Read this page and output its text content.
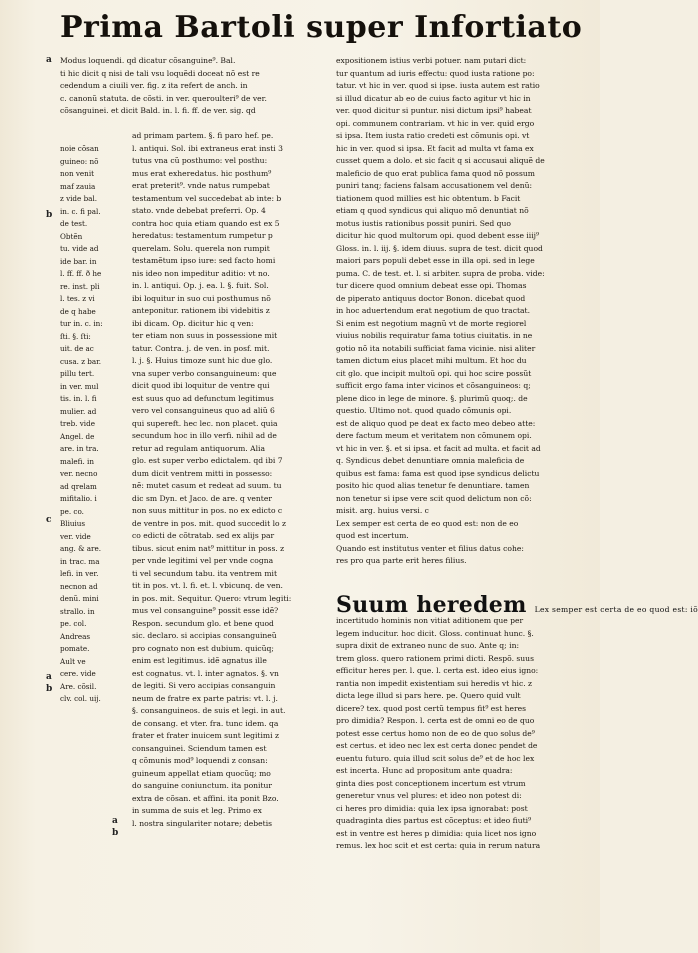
Prima Bartoli super Infortiato
Modus loquendi. qd dicatur cõsanguine⁹. Bal.
ti hic dicit q nisi de tali vsu loquẽdi doceat nõ est re
cedendum a ciuili ver. fig. z ita refert de anch. in
c. canonũ statuta. de cõsti. in ver. queroulteri⁹ de ver.
cõsanguinei. et dicit Bald. in. l. fi. ff. de ver. sig. qd
noie cõsan
guineo: nõ
non venit
maf zauia
z vide bal.
in. c. fi pal.
de test.
Obtẽn
tu. vide ad
ide bar. in
l. ff. ff. ð he
re. inst. pli
l. tes. z vi
de q habe
tur in. c. in:
ſti. §. ſti:
uit. de ac
cusa. z bar.
pillu tert.
in ver. mul
tis. in. l. fi
mulier. ad
treb. vide
Angel. de
are. in tra.
malefi. in
ver. necno
ad qrelam
mifitalio. i
pe. co.
Bliuius
ver. vide
ang. & are.
in trac. ma
lefi. in ver.
necnon ad
denũ. mini
strallo. in
pe. col.
Andreas
pomate.
Ault ve
cere. vide
Are. cõsil.
clv. col. uij.
ad primam partem. §. fi paro hef. pe.
l. antiqui. Sol. ibi extraneus erat insti 3
tutus vna cũ posthumo: vel posthu:
mus erat exheredatus. hic posthum⁹
erat preterit⁹. vnde natus rumpebat
testamentum vel succedebat ab inte: b
stato. vnde debebat preferri. Op. 4
contra hoc quia etiam quando est ex 5
heredatus: testamentum rumpetur p
querelam. Solu. querela non rumpit
testamẽtum ipso iure: sed facto homi
nis ideo non impeditur aditio: vt no.
in. l. antiqui. Op. j. ea. l. §. fuit. Sol.
ibi loquitur in suo cui posthumus nõ
anteponitur. rationem ibi videbitis z
ibi dicam. Op. dicitur hic q ven:
ter etiam non suus in possessione mit
tatur. Contra. j. de ven. in posf. mit.
l. j. §. Huius timoze sunt hic due glo.
vna super verbo consanguineum: que
dicit quod ibi loquitur de ventre qui
est suus quo ad defunctum legitimus
vero vel consanguineus quo ad aliũ 6
qui supereft. hec lec. non placet. quia
secundum hoc in illo verfi. nihil ad de
retur ad regulam antiquorum. Alia
glo. est super verbo edictalem. qd ibi 7
dum dicit ventrem mitti in possesso:
nẽ: mutet casum et redeat ad suum. tu
dic sm Dyn. et Jaco. de are. q venter
non suus mittitur in pos. no ex edicto c
de ventre in pos. mit. quod succedit lo z
co edicti de cõtratab. sed ex alijs par
tibus. sicut enim nat⁹ mittitur in poss. z
per vnde legitimi vel per vnde cogna
ti vel secundum tabu. ita ventrem mit
tit in pos. vt. l. fi. et. l. vbicunq. de ven.
in pos. mit. Sequitur. Quero: vtrum legiti:
mus vel consanguine⁹ possit esse idẽ?
Respon. secundum glo. et bene quod
sic. declaro. si accipias consanguineũ
pro cognato non est dubium. quicũq;
enim est legitimus. idẽ agnatus ille
est cognatus. vt. l. inter agnatos. §. vn
de legiti. Si vero accipias consanguin
neum de fratre ex parte patris: vt. l. j.
§. consanguineos. de suis et legi. in aut.
de consang. et vter. fra. tunc idem. qa
frater et frater inuicem sunt legitimi z
consanguinei. Sciendum tamen est
q cõmunis mod⁹ loquendi z consan:
guineum appellat etiam quocũq; mo
do sanguine coniunctum. ita ponitur
extra de cõsan. et affini. ita ponit Bzo.
in summa de suis et leg. Primo ex
l. nostra singulariter notare; debetis
expositionem istius verbi potuer. nam putari dict:
tur quantum ad iuris effectu: quod iusta ratione po:
tatur. vt hic in ver. quod si ipse. iusta autem est ratio
si illud dicatur ab eo de cuius facto agitur vt hic in
ver. quod dicitur si puntur. nisi dictum ipsi⁹ habeat
opi. communem contrariam. vt hic in ver. quid ergo
si ipsa. Item iusta ratio credeti est cõmunis opi. vt
hic in ver. quod si ipsa. Et facit ad multa vt fama ex
cusset quem a dolo. et sic facit q si accusaui aliquẽ de
maleficio de quo erat publica fama quod nõ possum
puniri tanq; faciens falsam accusationem vel denũ:
tiationem quod millies est hic obtentum. b Facit
etiam q quod syndicus qui aliquo mõ denuntiat nõ
motus iustis rationibus possit puniri. Sed quo
dicitur hic quod multorum opi. quod debent esse iiij⁹
Gloss. in. l. iij. §. idem diuus. supra de test. dicit quod
maiori pars populi debet esse in illa opi. sed in lege
puma. C. de test. et. l. si arbiter. supra de proba. vide:
tur dicere quod omnium debeat esse opi. Thomas
de piperato antiquus doctor Bonon. dicebat quod
in hoc aduertendum erat negotium de quo tractat.
Si enim est negotium magnũ vt de morte regiorel
viuius nobilis requiratur fama totius ciuitatis. in ne
gotio nõ ita notabili sufficiat fama vicinie. nisi aliter
tamen dictum eius placet mihi multum. Et hoc du
cit glo. que incipit multoũ opi. qui hoc scire possũt
sufficit ergo fama inter vicinos et cõsanguineos: q;
plene dico in lege de minore. §. plurimũ quoq;. de
questio. Ultimo not. quod quado cõmunis opi.
est de aliquo quod pe deat ex facto meo debeo atte:
dere factum meum et veritatem non cõmunem opi.
vt hic in ver. §. et si ipsa. et facit ad multa. et facit ad
q. Syndicus debet denuntiare omnia maleficia de
quibus est fama: fama est quod ipse syndicus delictu
posito hic quod alias tenetur fe denuntiare. tamen
non tenetur si ipse vere scit quod delictum non cõ:
misit. arg. huius versi. c
Lex semper est certa de eo quod est: non de eo
quod est incertum.
Quando est institutus venter et filius datus cohe:
res pro qua parte erit heres filius.
Suum heredem Lex semper est certa de eo quod est: iõ
incertitudo hominis non vitiat aditionem que per
legem inducitur. hoc dicit. Gloss. continuat hunc. §.
supra dixit de extraneo nunc de suo. Ante q; in:
trem gloss. quero rationem primi dicti. Respõ. suus
efficitur heres per. l. que. l. certa est. ideo eius igno:
rantia non impedit existentiam sui heredis vt hic. z
dicta lege illud si pars here. pe. Quero quid vult
dicere? tex. quod post certũ tempus fit⁹ est heres
pro dimidia? Respon. l. certa est de omni eo de quo
potest esse certus homo non de eo de quo solus de⁹
est certus. et ideo nec lex est certa donec pendet de
euentu futuro. quia illud scit solus de⁹ et de hoc lex
est incerta. Hunc ad propositum ante quadra:
ginta dies post conceptionem incertum est vtrum
generetur vnus vel plures: et ideo non potest di:
ci heres pro dimidia: quia lex ipsa ignorabat: post
quadraginta dies partus est cõceptus: et ideo fiuti⁹
est in ventre est heres p dimidia: quia licet nos igno
remus. lex hoc scit et est certa: quia in rerum natura
a
b
c
a
b
a
b
